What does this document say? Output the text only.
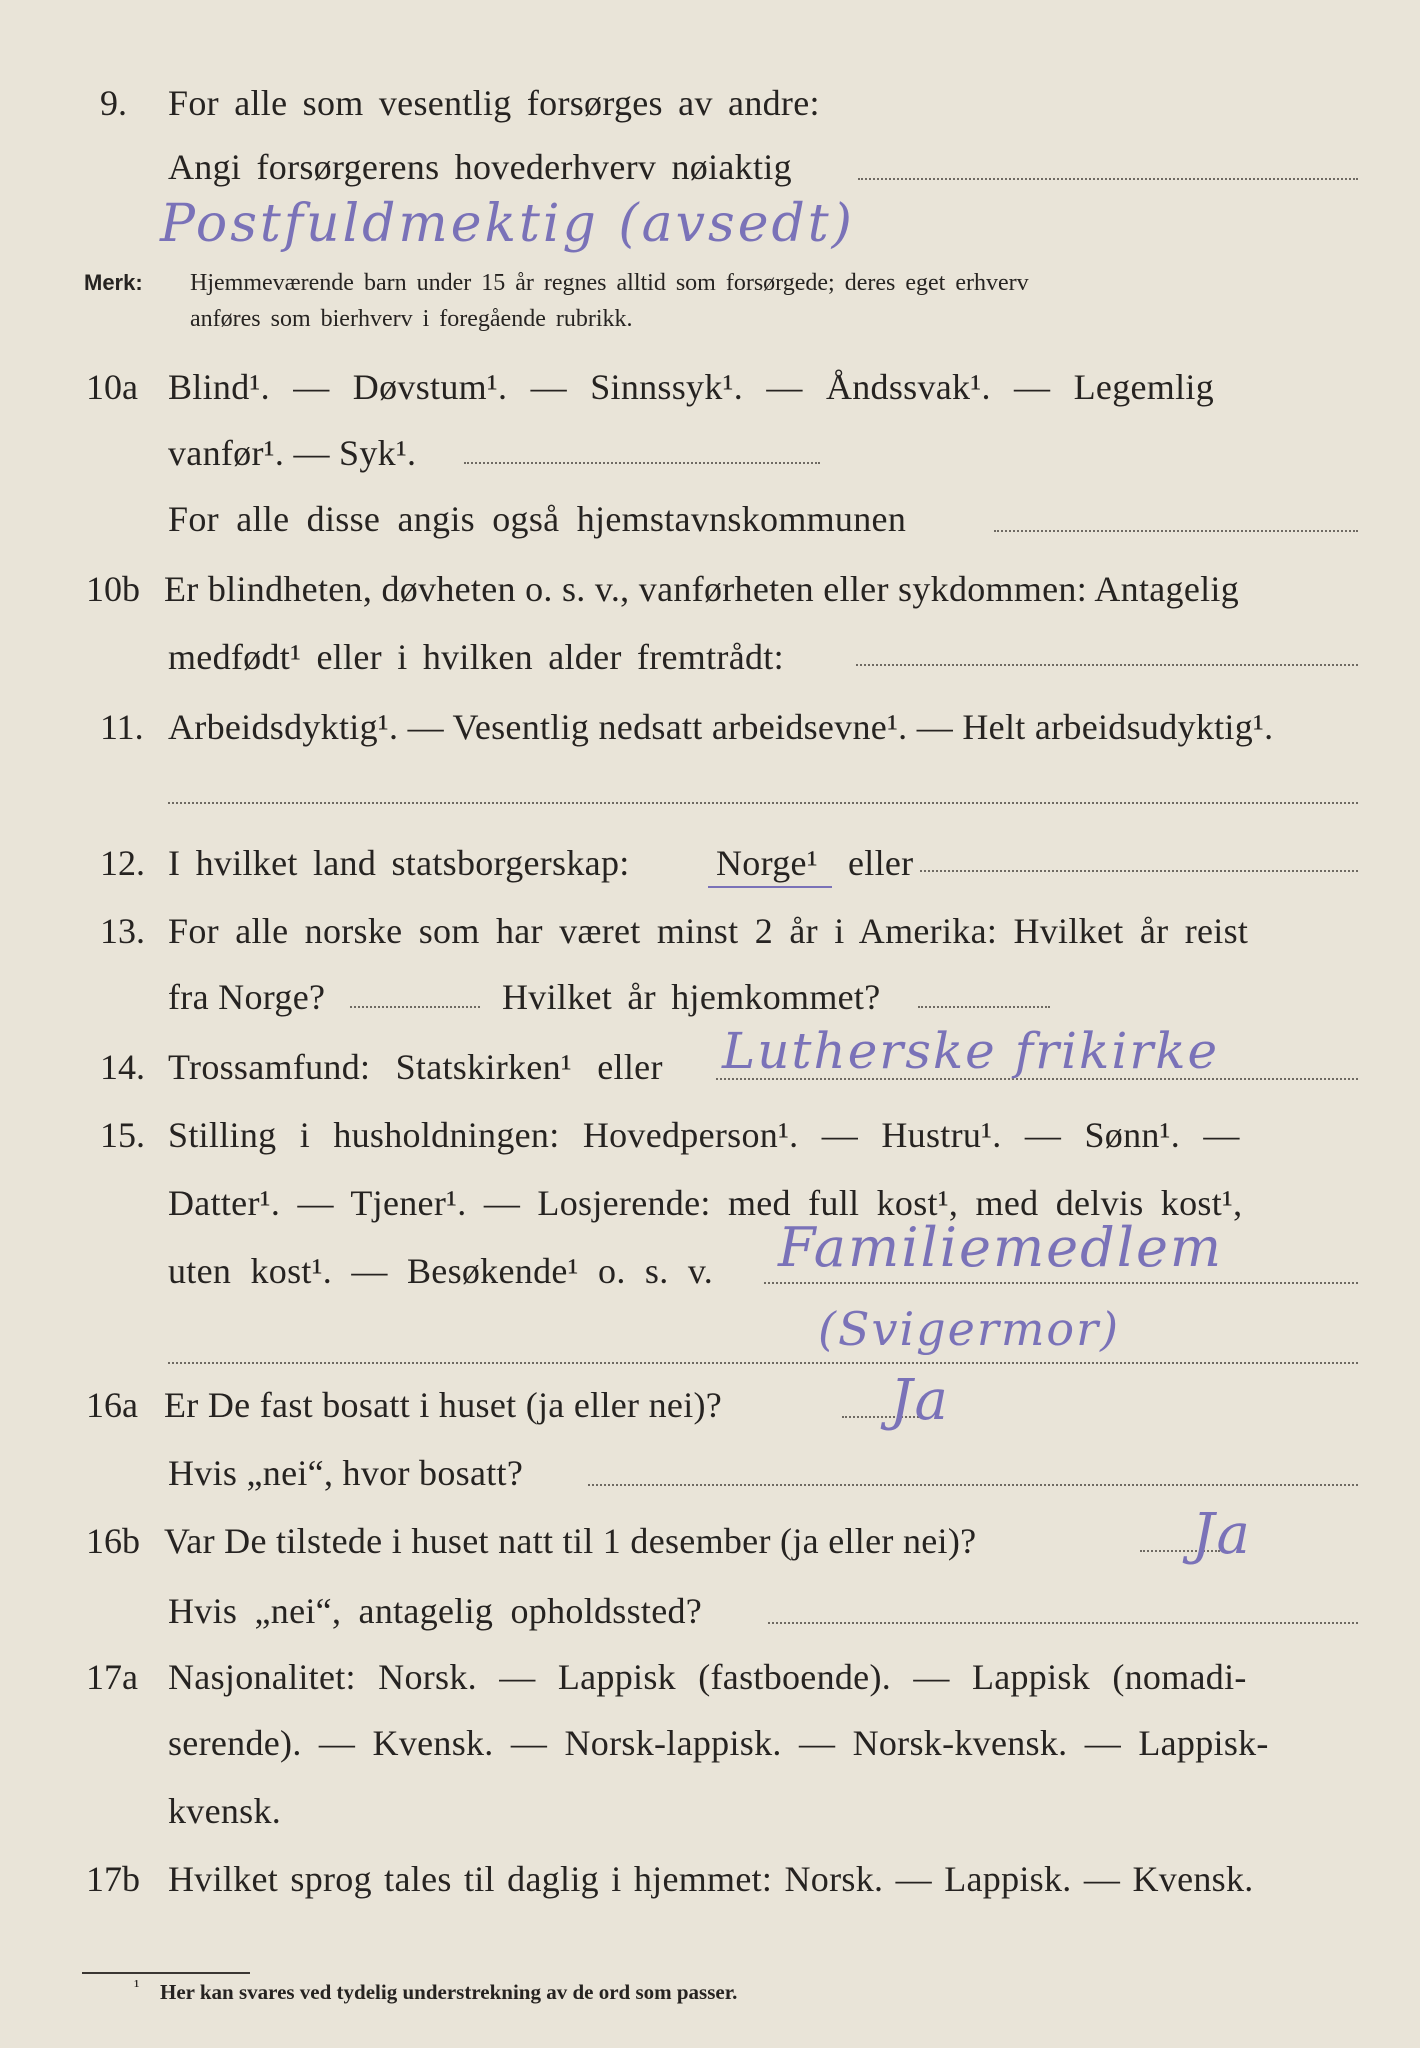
9. For alle som vesentlig forsørges av andre:
Angi forsørgerens hovederhverv nøiaktig
Postfuldmektig (avsedt)
Merk: Hjemmeværende barn under 15 år regnes alltid som forsørgede; deres eget erhverv
anføres som bierhverv i foregående rubrikk.
10a Blind¹. — Døvstum¹. — Sinnssyk¹. — Åndssvak¹. — Legemlig
vanfør¹. — Syk¹.
For alle disse angis også hjemstavnskommunen
10b Er blindheten, døvheten o. s. v., vanførheten eller sykdommen: Antagelig
medfødt¹ eller i hvilken alder fremtrådt:
11. Arbeidsdyktig¹. — Vesentlig nedsatt arbeidsevne¹. — Helt arbeidsudyktig¹.
12. I hvilket land statsborgerskap: Norge¹ eller
13. For alle norske som har været minst 2 år i Amerika: Hvilket år reist
fra Norge?	Hvilket år hjemkommet?
14. Trossamfund: Statskirken¹ eller Lutherske frikirke
15. Stilling i husholdningen: Hovedperson¹. — Hustru¹. — Sønn¹. —
Datter¹. — Tjener¹. — Losjerende: med full kost¹, med delvis kost¹,
uten kost¹. — Besøkende¹ o. s. v. Familiemedlem
(Svigermor)
16a Er De fast bosatt i huset (ja eller nei)?	Ja
Hvis „nei“, hvor bosatt?
16b Var De tilstede i huset natt til 1 desember (ja eller nei)?	Ja
Hvis „nei“, antagelig opholdssted?
17a Nasjonalitet: Norsk. — Lappisk (fastboende). — Lappisk (nomadi-
serende). — Kvensk. — Norsk-lappisk. — Norsk-kvensk. — Lappisk-
kvensk.
17b Hvilket sprog tales til daglig i hjemmet: Norsk. — Lappisk. — Kvensk.
¹ Her kan svares ved tydelig understrekning av de ord som passer.
